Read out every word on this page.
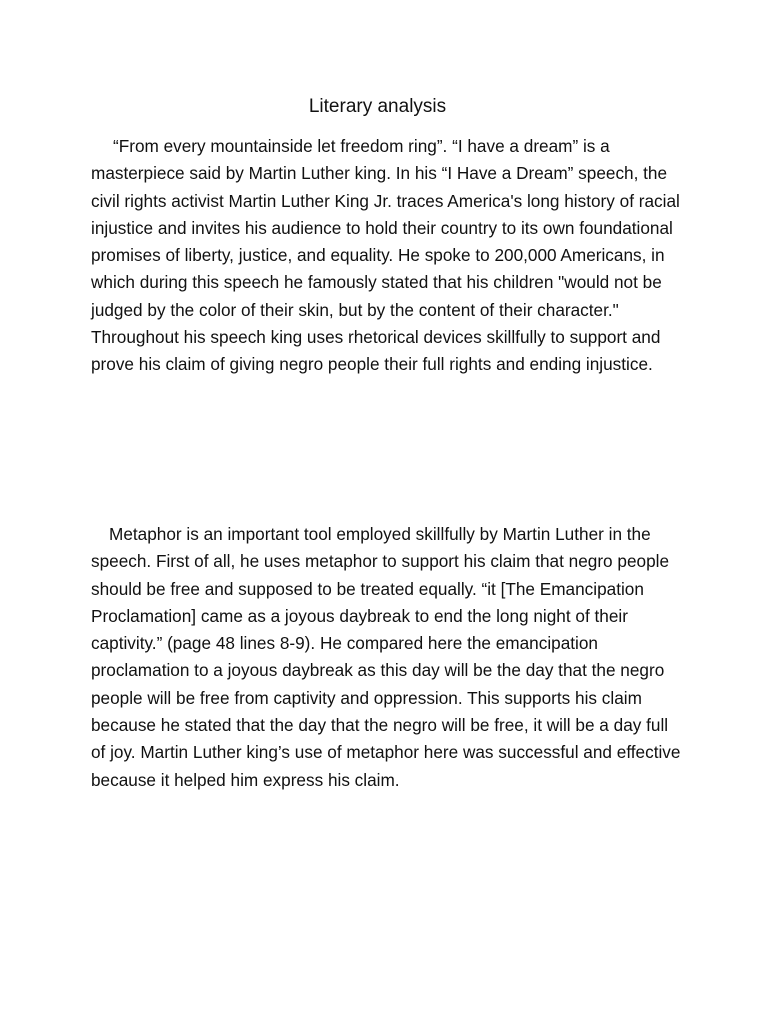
Literary analysis

“From every mountainside let freedom ring”. “I have a dream” is a masterpiece said by Martin Luther king. In his “I Have a Dream” speech, the civil rights activist Martin Luther King Jr. traces America's long history of racial injustice and invites his audience to hold their country to its own foundational promises of liberty, justice, and equality. He spoke to 200,000 Americans, in which during this speech he famously stated that his children "would not be judged by the color of their skin, but by the content of their character." Throughout his speech king uses rhetorical devices skillfully to support and prove his claim of giving negro people their full rights and ending injustice.

Metaphor is an important tool employed skillfully by Martin Luther in the speech. First of all, he uses metaphor to support his claim that negro people should be free and supposed to be treated equally. “it [The Emancipation Proclamation] came as a joyous daybreak to end the long night of their captivity.” (page 48 lines 8-9). He compared here the emancipation proclamation to a joyous daybreak as this day will be the day that the negro people will be free from captivity and oppression. This supports his claim because he stated that the day that the negro will be free, it will be a day full of joy. Martin Luther king’s use of metaphor here was successful and effective because it helped him express his claim.
